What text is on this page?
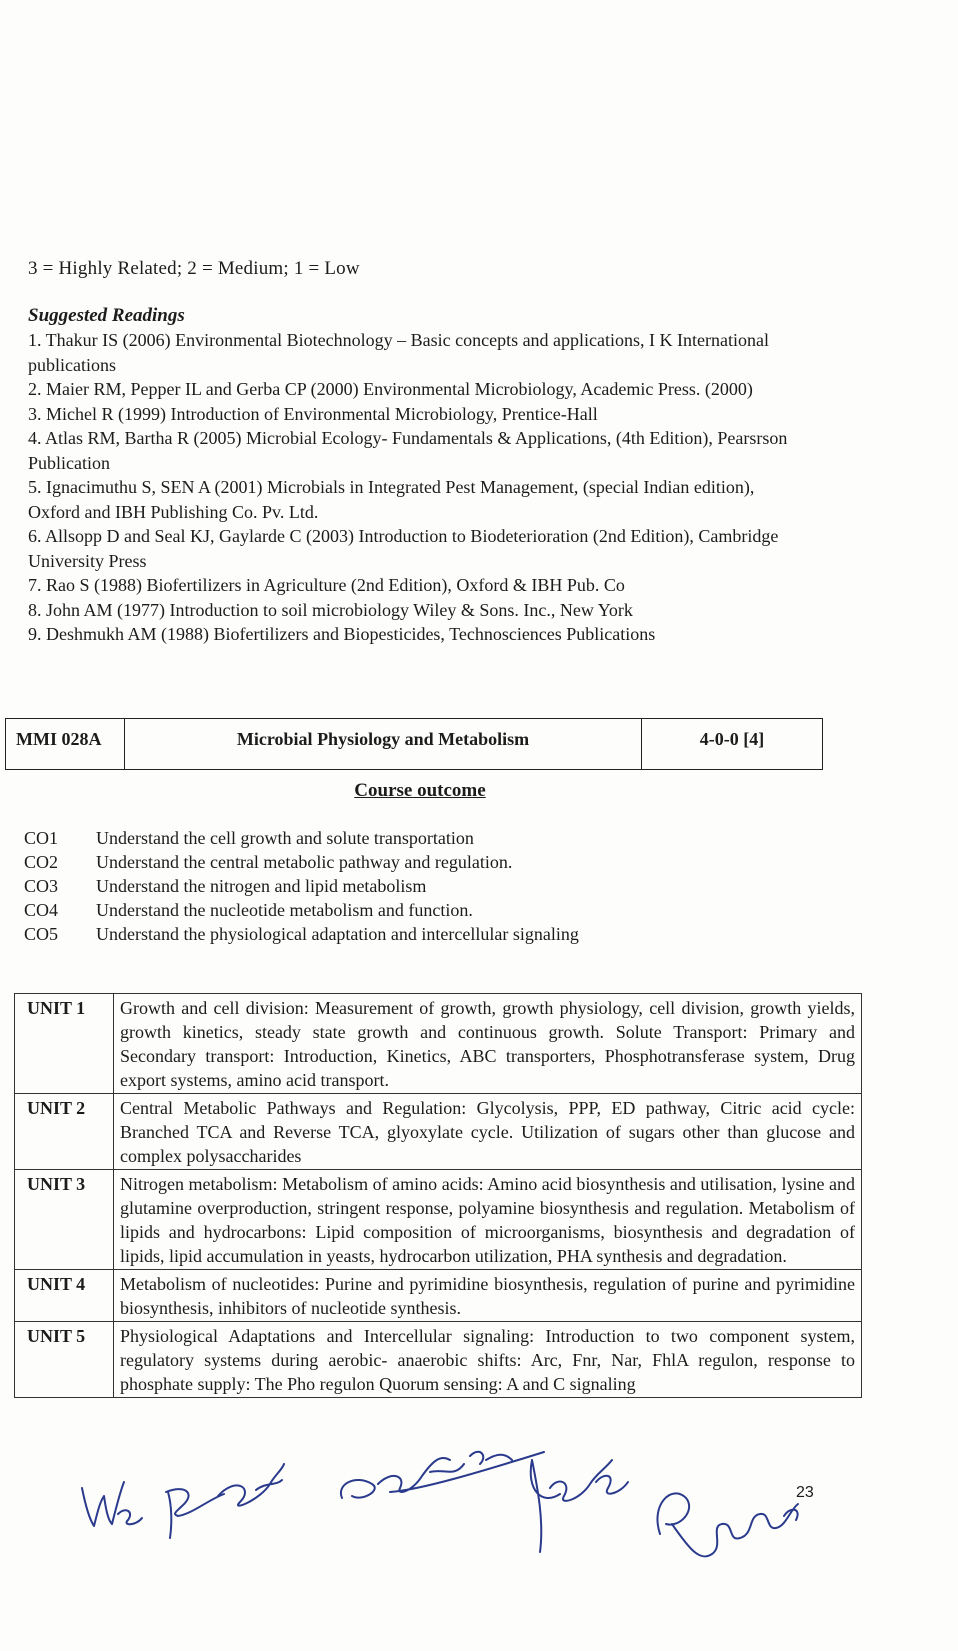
3 = Highly Related; 2 = Medium; 1 = Low
Suggested Readings

1. Thakur IS (2006) Environmental Biotechnology – Basic concepts and applications, I K International publications

2. Maier RM, Pepper IL and Gerba CP (2000) Environmental Microbiology, Academic Press. (2000)

3. Michel R (1999) Introduction of Environmental Microbiology, Prentice-Hall

4. Atlas RM, Bartha R (2005) Microbial Ecology- Fundamentals & Applications, (4th Edition), Pearsrson Publication

5. Ignacimuthu S, SEN A (2001) Microbials in Integrated Pest Management, (special Indian edition), Oxford and IBH Publishing Co. Pv. Ltd.

6. Allsopp D and Seal KJ, Gaylarde C (2003) Introduction to Biodeterioration (2nd Edition), Cambridge University Press

7. Rao S (1988) Biofertilizers in Agriculture (2nd Edition), Oxford & IBH Pub. Co

8. John AM (1977) Introduction to soil microbiology Wiley & Sons. Inc., New York

9. Deshmukh AM (1988) Biofertilizers and Biopesticides, Technosciences Publications

MMI 028A	Microbial Physiology and Metabolism	4-0-0 [4]
Course outcome
CO1	Understand the cell growth and solute transportation
CO2	Understand the central metabolic pathway and regulation.
CO3	Understand the nitrogen and lipid metabolism
CO4	Understand the nucleotide metabolism and function.
CO5	Understand the physiological adaptation and intercellular signaling
UNIT 1	Growth and cell division: Measurement of growth, growth physiology, cell division, growth yields, growth kinetics, steady state growth and continuous growth. Solute Transport: Primary and Secondary transport: Introduction, Kinetics, ABC transporters, Phosphotransferase system, Drug export systems, amino acid transport.
UNIT 2	Central Metabolic Pathways and Regulation: Glycolysis, PPP, ED pathway, Citric acid cycle: Branched TCA and Reverse TCA, glyoxylate cycle. Utilization of sugars other than glucose and complex polysaccharides
UNIT 3	Nitrogen metabolism: Metabolism of amino acids: Amino acid biosynthesis and utilisation, lysine and glutamine overproduction, stringent response, polyamine biosynthesis and regulation. Metabolism of lipids and hydrocarbons: Lipid composition of microorganisms, biosynthesis and degradation of lipids, lipid accumulation in yeasts, hydrocarbon utilization, PHA synthesis and degradation.
UNIT 4	Metabolism of nucleotides: Purine and pyrimidine biosynthesis, regulation of purine and pyrimidine biosynthesis, inhibitors of nucleotide synthesis.
UNIT 5	Physiological Adaptations and Intercellular signaling: Introduction to two component system, regulatory systems during aerobic- anaerobic shifts: Arc, Fnr, Nar, FhlA regulon, response to phosphate supply: The Pho regulon Quorum sensing: A and C signaling
23
